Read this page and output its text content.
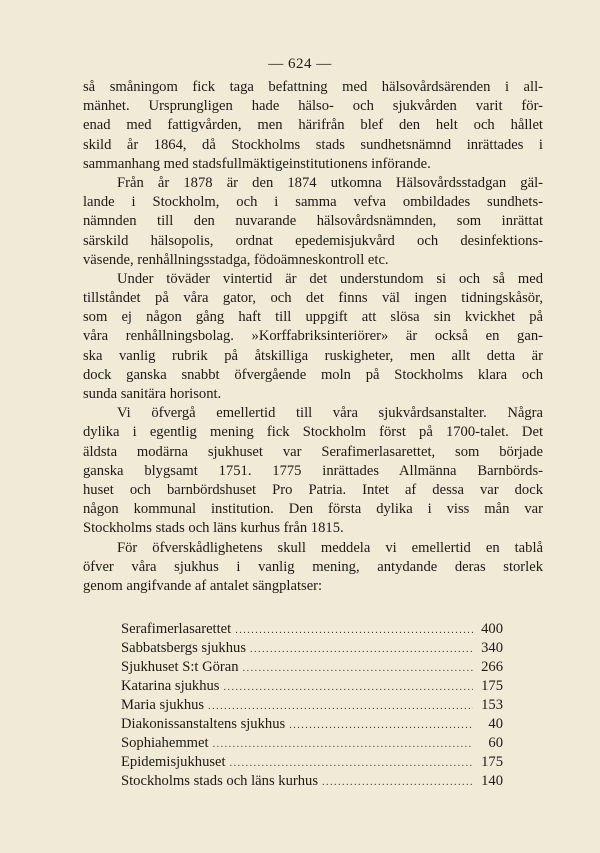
— 624 —
så småningom fick taga befattning med hälsovårdsärenden i all-
mänhet. Ursprungligen hade hälso- och sjukvården varit för-
enad med fattigvården, men härifrån blef den helt och hållet
skild år 1864, då Stockholms stads sundhetsnämnd inrättades i
sammanhang med stadsfullmäktigeinstitutionens införande.
Från år 1878 är den 1874 utkomna Hälsovårdsstadgan gäl-
lande i Stockholm, och i samma vefva ombildades sundhets-
nämnden till den nuvarande hälsovårdsnämnden, som inrättat
särskild hälsopolis, ordnat epedemisjukvård och desinfektions-
väsende, renhållningsstadga, födoämneskontroll etc.
Under töväder vintertid är det understundom si och så med
tillståndet på våra gator, och det finns väl ingen tidningskåsör,
som ej någon gång haft till uppgift att slösa sin kvickhet på
våra renhållningsbolag. »Korffabriksinteriörer» är också en gan-
ska vanlig rubrik på åtskilliga ruskigheter, men allt detta är
dock ganska snabbt öfvergående moln på Stockholms klara och
sunda sanitära horisont.
Vi öfvergå emellertid till våra sjukvårdsanstalter. Några
dylika i egentlig mening fick Stockholm först på 1700-talet. Det
äldsta modärna sjukhuset var Serafimerlasarettet, som började
ganska blygsamt 1751. 1775 inrättades Allmänna Barnbörds-
huset och barnbördshuset Pro Patria. Intet af dessa var dock
någon kommunal institution. Den första dylika i viss mån var
Stockholms stads och läns kurhus från 1815.
För öfverskådlighetens skull meddela vi emellertid en tablå
öfver våra sjukhus i vanlig mening, antydande deras storlek
genom angifvande af antalet sängplatser:
Serafimerlasarettet .....	400
Sabbatsbergs sjukhus .....	340
Sjukhuset S:t Göran .....	266
Katarina sjukhus .....	175
Maria sjukhus .....	153
Diakonissanstaltens sjukhus .....	40
Sophiahemmet .....	60
Epidemisjukhuset .....	175
Stockholms stads och läns kurhus .....	140
